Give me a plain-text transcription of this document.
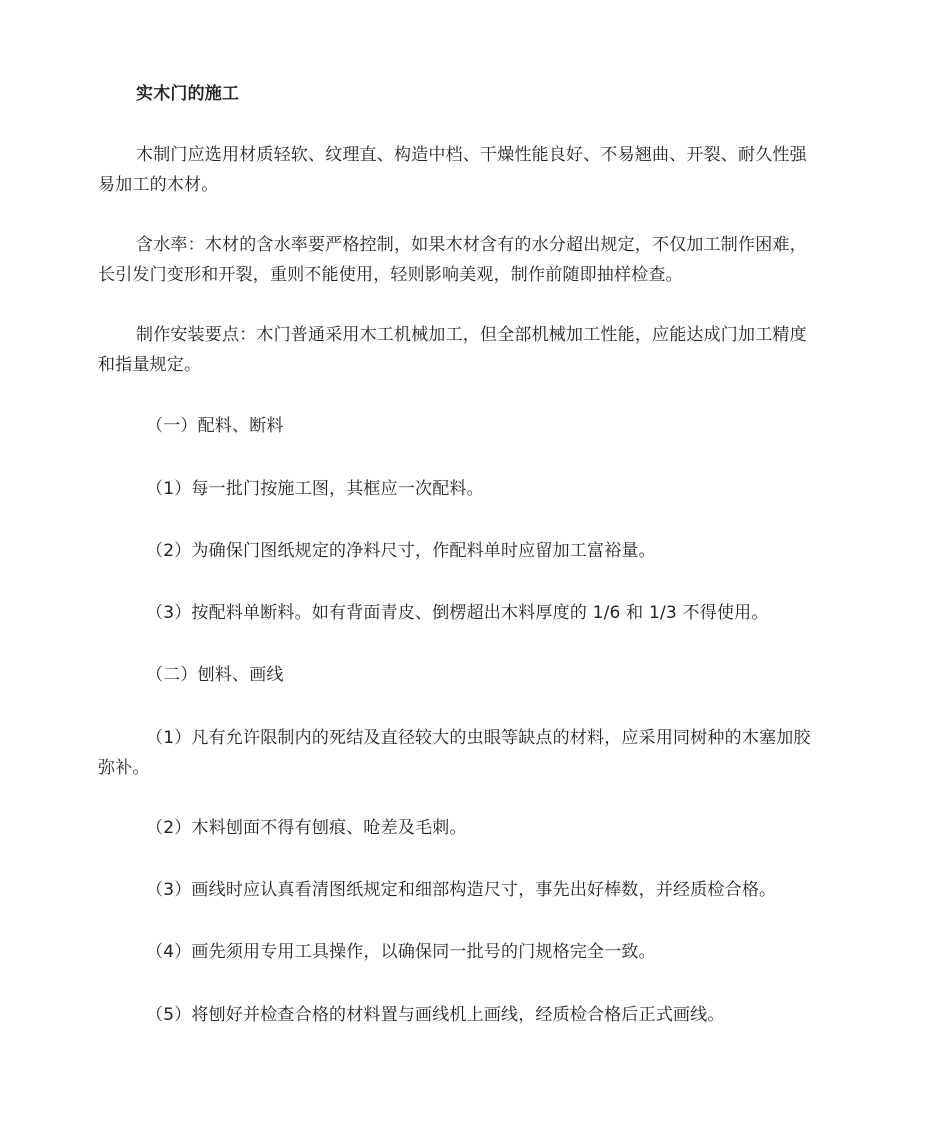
实木门的施工
木制门应选用材质轻软、纹理直、构造中档、干燥性能良好、不易翘曲、开裂、耐久性强
易加工的木材。
含水率：木材的含水率要严格控制，如果木材含有的水分超出规定，不仅加工制作困难，
长引发门变形和开裂，重则不能使用，轻则影响美观，制作前随即抽样检查。
制作安装要点：木门普通采用木工机械加工，但全部机械加工性能，应能达成门加工精度
和指量规定。
（一）配料、断料
（1）每一批门按施工图，其框应一次配料。
（2）为确保门图纸规定的净料尺寸，作配料单时应留加工富裕量。
（3）按配料单断料。如有背面青皮、倒楞超出木料厚度的 1/6 和 1/3 不得使用。
（二）刨料、画线
（1）凡有允许限制内的死结及直径较大的虫眼等缺点的材料，应采用同树种的木塞加胶
弥补。
（2）木料刨面不得有刨痕、呛差及毛刺。
（3）画线时应认真看清图纸规定和细部构造尺寸，事先出好棒数，并经质检合格。
（4）画先须用专用工具操作，以确保同一批号的门规格完全一致。
（5）将刨好并检查合格的材料置与画线机上画线，经质检合格后正式画线。
